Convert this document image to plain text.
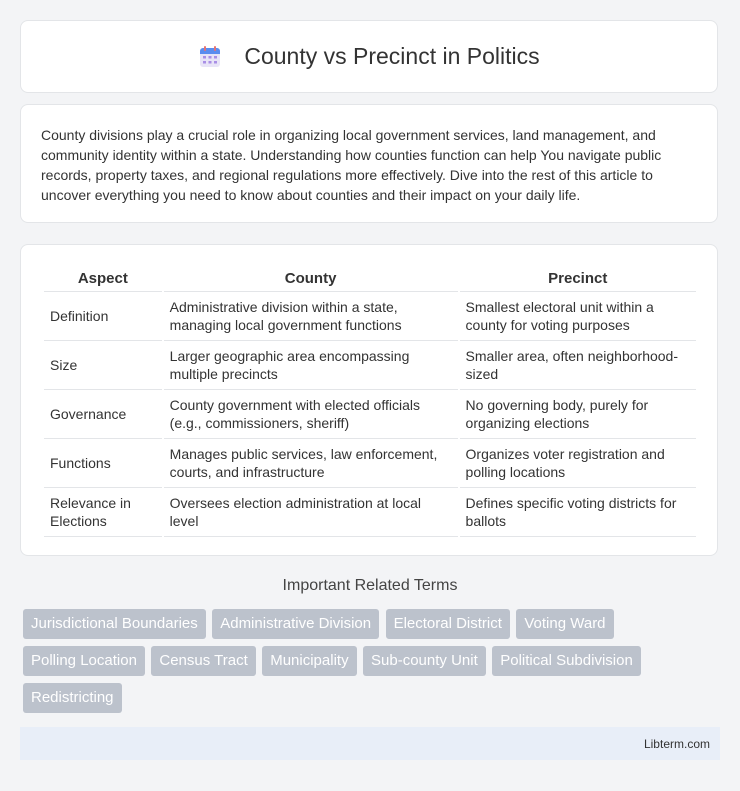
County vs Precinct in Politics

County divisions play a crucial role in organizing local government services, land management, and community identity within a state. Understanding how counties function can help You navigate public records, property taxes, and regional regulations more effectively. Dive into the rest of this article to uncover everything you need to know about counties and their impact on your daily life.

Aspect	County	Precinct
Definition	Administrative division within a state, managing local government functions	Smallest electoral unit within a county for voting purposes
Size	Larger geographic area encompassing multiple precincts	Smaller area, often neighborhood-sized
Governance	County government with elected officials (e.g., commissioners, sheriff)	No governing body, purely for organizing elections
Functions	Manages public services, law enforcement, courts, and infrastructure	Organizes voter registration and polling locations
Relevance in Elections	Oversees election administration at local level	Defines specific voting districts for ballots
Important Related Terms
Jurisdictional Boundaries Administrative Division Electoral District Voting Ward Polling Location Census Tract Municipality Sub-county Unit Political Subdivision Redistricting
Libterm.com
